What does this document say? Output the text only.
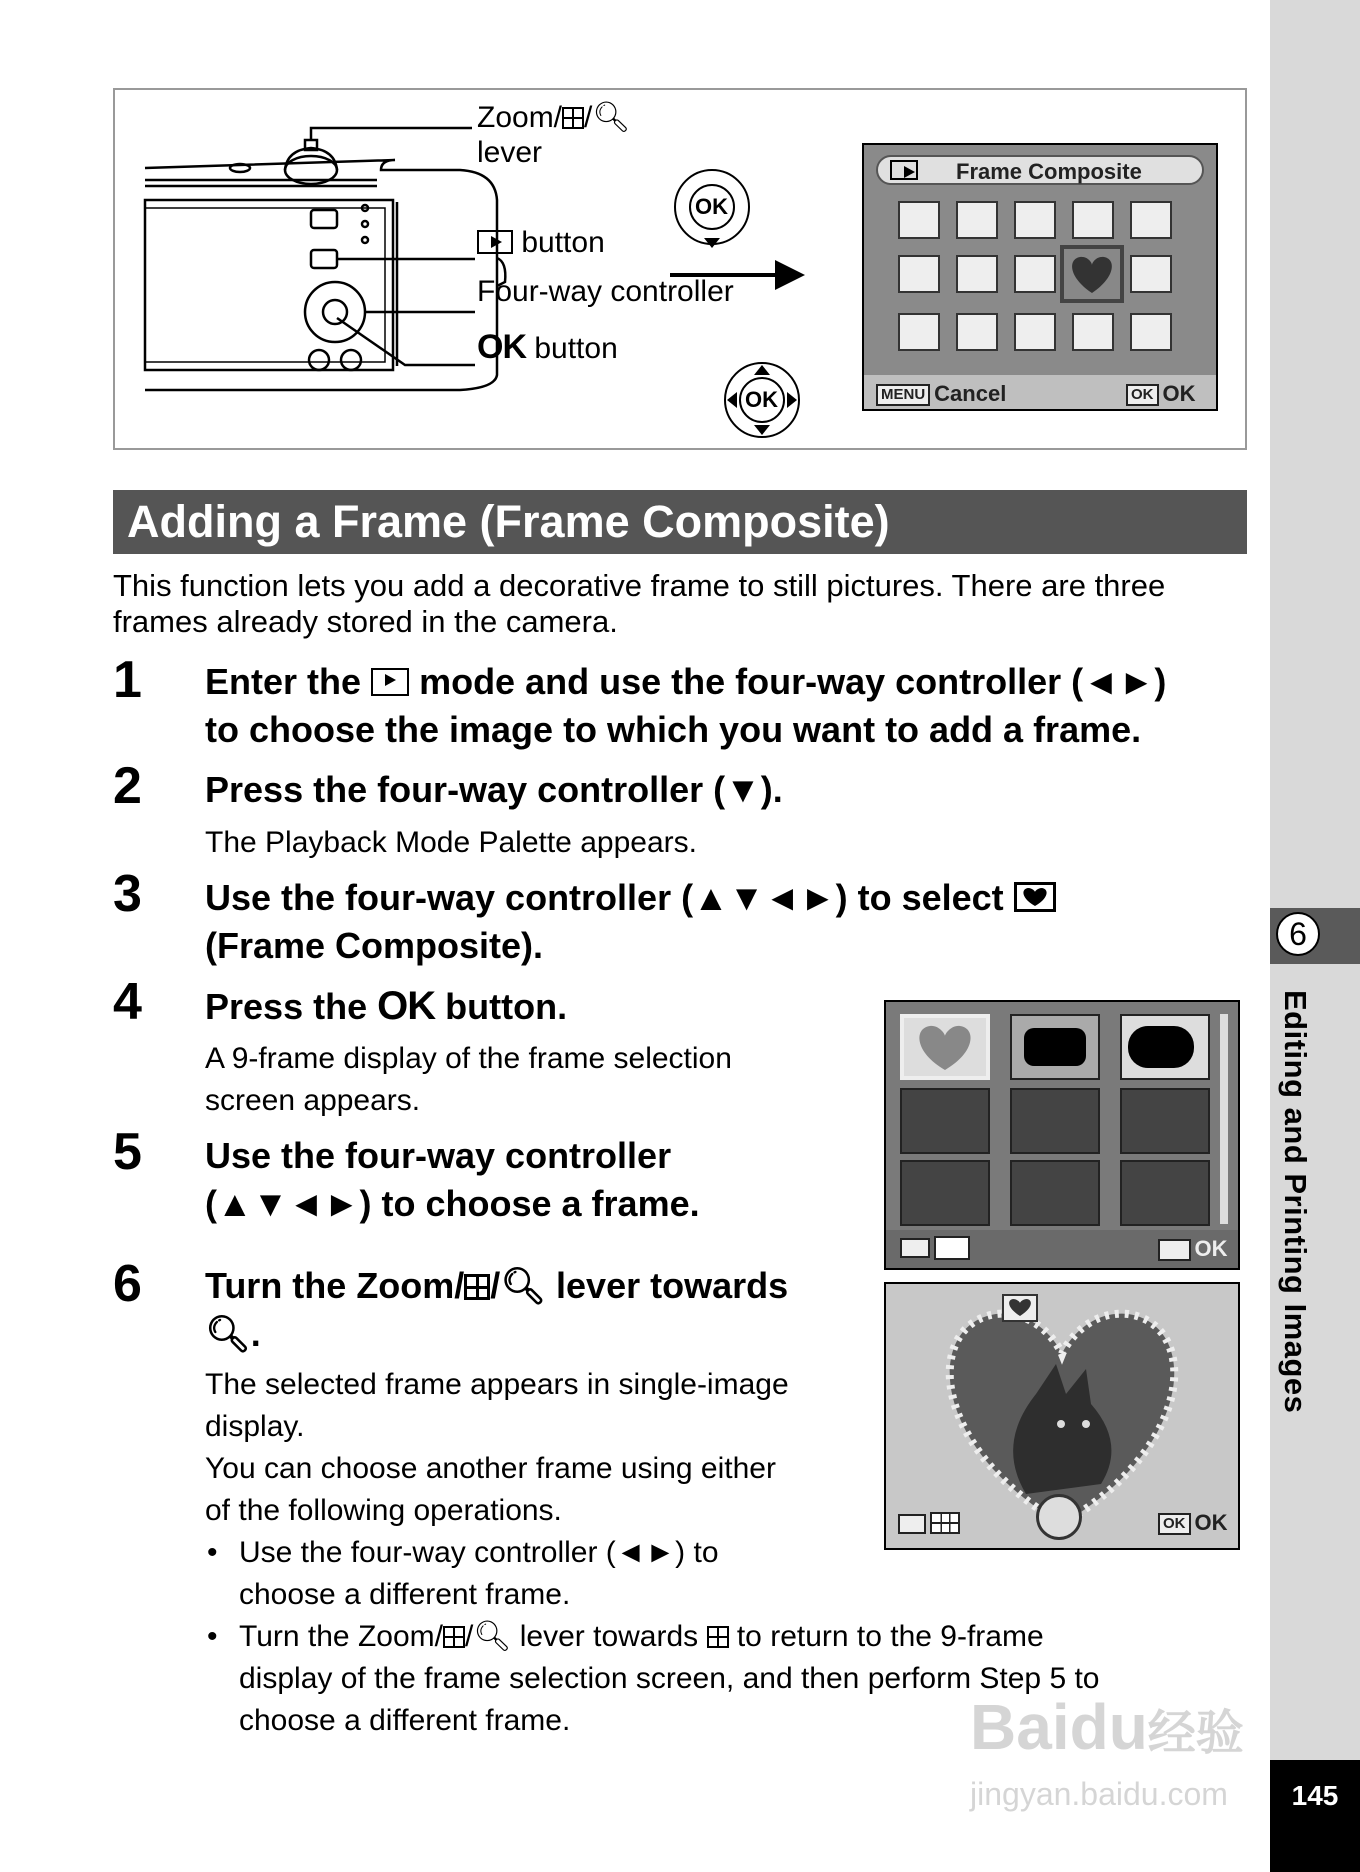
6
Editing and Printing Images
145
OK
OK
Zoom/ /🔍︎
lever
button
Four-way controller
OK button
Frame Composite
MENU Cancel	OK OK
Adding a Frame (Frame Composite)
This function lets you add a decorative frame to still pictures. There are three frames already stored in the camera.
1 Enter the mode and use the four-way controller (◄►)
to choose the image to which you want to add a frame.
2 Press the four-way controller (▼).
The Playback Mode Palette appears.
3 Use the four-way controller (▲▼◄►) to select

(Frame Composite).
4 Press the OK button.
A 9-frame display of the frame selection
screen appears.
5 Use the four-way controller
(▲▼◄►) to choose a frame.
6 Turn the Zoom/ /🔍︎ lever towards
🔍︎.
The selected frame appears in single-image
display.
You can choose another frame using either
of the following operations.
• Use the four-way controller (◄►) to
choose a different frame.
• Turn the Zoom/ /🔍︎ lever towards to return to the 9-frame
display of the frame selection screen, and then perform Step 5 to
choose a different frame.
OK OK
OK OK
Baidu经验
jingyan.baidu.com
